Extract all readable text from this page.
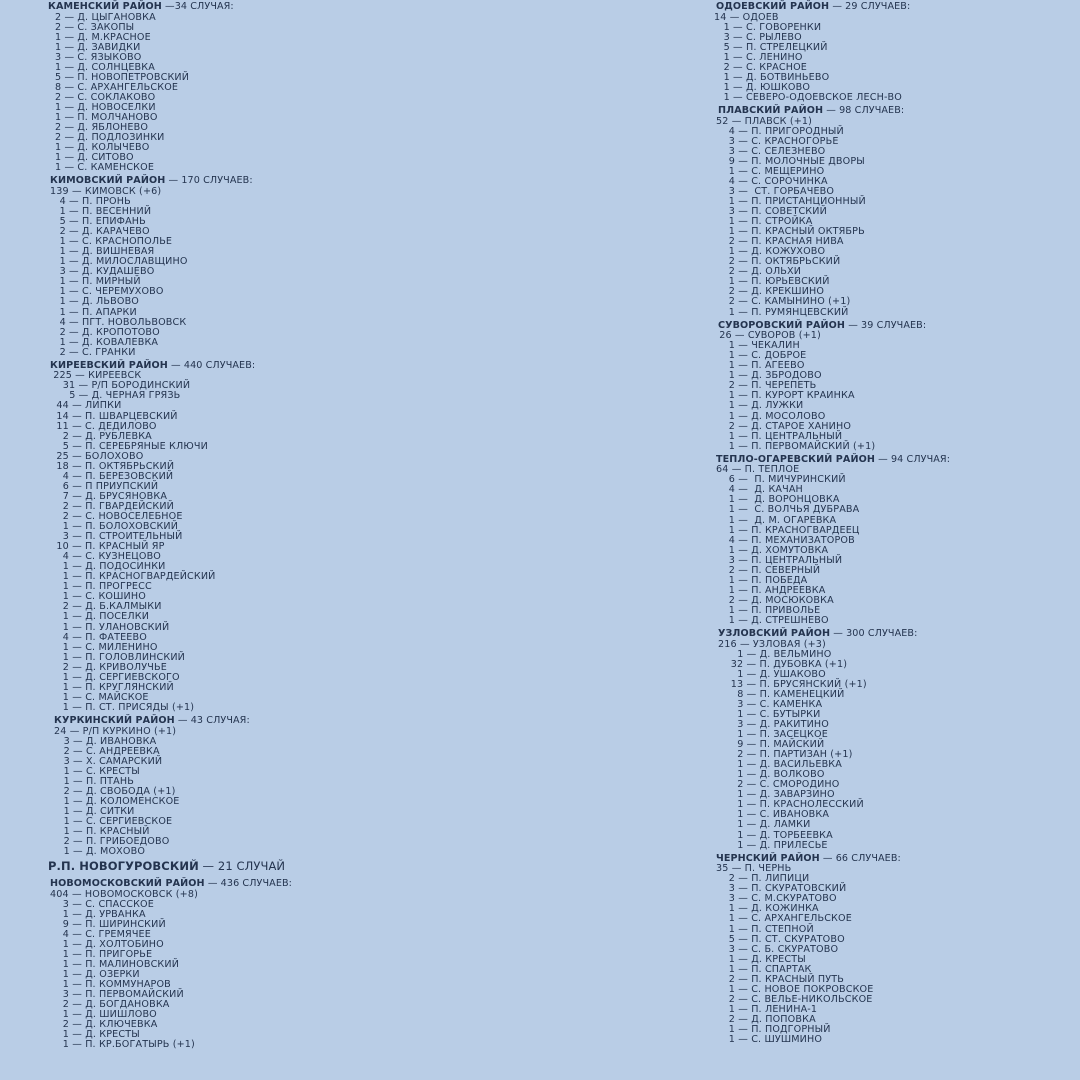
КАМЕНСКИЙ РАЙОН —34 СЛУЧАЯ:
2 — Д. ЦЫГАНОВКА
2 — С. ЗАКОПЫ
1 — Д. М.КРАСНОЕ
1 — Д. ЗАВИДКИ
3 — С. ЯЗЫКОВО
1 — Д. СОЛНЦЕВКА
5 — П. НОВОПЕТРОВСКИЙ
8 — С. АРХАНГЕЛЬСКОЕ
2 — С. СОКЛАКОВО
1 — Д. НОВОСЕЛКИ
1 — П. МОЛЧАНОВО
2 — Д. ЯБЛОНЕВО
2 — Д. ПОДЛОЗИНКИ
1 — Д. КОЛЫЧЕВО
1 — Д. СИТОВО
1 — С. КАМЕНСКОЕ
КИМОВСКИЙ РАЙОН — 170 СЛУЧАЕВ:
139 — КИМОВСК (+6)
4 — П. ПРОНЬ
1 — П. ВЕСЕННИЙ
5 — П. ЕПИФАНЬ
2 — Д. КАРАЧЕВО
1 — С. КРАСНОПОЛЬЕ
1 — Д. ВИШНЕВАЯ
1 — Д. МИЛОСЛАВЩИНО
3 — Д. КУДАШЕВО
1 — П. МИРНЫЙ
1 — С. ЧЕРЕМУХОВО
1 — Д. ЛЬВОВО
1 — П. АПАРКИ
4 — ПГТ. НОВОЛЬВОВСК
2 — Д. КРОПОТОВО
1 — Д. КОВАЛЕВКА
2 — С. ГРАНКИ
КИРЕЕВСКИЙ РАЙОН — 440 СЛУЧАЕВ:
225 — КИРЕЕВСК
31 — Р/П БОРОДИНСКИЙ
5 — Д. ЧЕРНАЯ ГРЯЗЬ
44 — ЛИПКИ
14 — П. ШВАРЦЕВСКИЙ
11 — С. ДЕДИЛОВО
2 — Д. РУБЛЕВКА
5 — П. СЕРЕБРЯНЫЕ КЛЮЧИ
25 — БОЛОХОВО
18 — П. ОКТЯБРЬСКИЙ
4 — П. БЕРЕЗОВСКИЙ
6 — П ПРИУПСКИЙ
7 — Д. БРУСЯНОВКА
2 — П. ГВАРДЕЙСКИЙ
2 — С. НОВОСЕЛЕБНОЕ
1 — П. БОЛОХОВСКИЙ
3 — П. СТРОИТЕЛЬНЫЙ
10 — П. КРАСНЫЙ ЯР
4 — С. КУЗНЕЦОВО
1 — Д. ПОДОСИНКИ
1 — П. КРАСНОГВАРДЕЙСКИЙ
1 — П. ПРОГРЕСС
1 — С. КОШИНО
2 — Д. Б.КАЛМЫКИ
1 — Д. ПОСЕЛКИ
1 — П. УЛАНОВСКИЙ
4 — П. ФАТЕЕВО
1 — С. МИЛЕНИНО
1 — П. ГОЛОВЛИНСКИЙ
2 — Д. КРИВОЛУЧЬЕ
1 — Д. СЕРГИЕВСКОГО
1 — П. КРУГЛЯНСКИЙ
1 — С. МАЙСКОЕ
1 — П. СТ. ПРИСЯДЫ (+1)
КУРКИНСКИЙ РАЙОН — 43 СЛУЧАЯ:
24 — Р/П КУРКИНО (+1)
3 — Д. ИВАНОВКА
2 — С. АНДРЕЕВКА
3 — Х. САМАРСКИЙ
1 — С. КРЕСТЫ
1 — П. ПТАНЬ
2 — Д. СВОБОДА (+1)
1 — Д. КОЛОМЕНСКОЕ
1 — Д. СИТКИ
1 — С. СЕРГИЕВСКОЕ
1 — П. КРАСНЫЙ
2 — П. ГРИБОЕДОВО
1 — Д. МОХОВО
Р.П. НОВОГУРОВСКИЙ — 21 СЛУЧАЙ
НОВОМОСКОВСКИЙ РАЙОН — 436 СЛУЧАЕВ:
404 — НОВОМОСКОВСК (+8)
3 — С. СПАССКОЕ
1 — Д. УРВАНКА
9 — П. ШИРИНСКИЙ
4 — С. ГРЕМЯЧЕЕ
1 — Д. ХОЛТОБИНО
1 — П. ПРИГОРЬЕ
1 — П. МАЛИНОВСКИЙ
1 — Д. ОЗЕРКИ
1 — П. КОММУНАРОВ
3 — П. ПЕРВОМАЙСКИЙ
2 — Д. БОГДАНОВКА
1 — Д. ШИШЛОВО
2 — Д. КЛЮЧЕВКА
1 — Д. КРЕСТЫ
1 — П. КР.БОГАТЫРЬ (+1)
ОДОЕВСКИЙ РАЙОН — 29 СЛУЧАЕВ:
14 — ОДОЕВ
1 — С. ГОВОРЕНКИ
3 — С. РЫЛЕВО
5 — П. СТРЕЛЕЦКИЙ
1 — С. ЛЕНИНО
2 — С. КРАСНОЕ
1 — Д. БОТВИНЬЕВО
1 — Д. ЮШКОВО
1 — СЕВЕРО-ОДОЕВСКОЕ ЛЕСН-ВО
ПЛАВСКИЙ РАЙОН — 98 СЛУЧАЕВ:
52 — ПЛАВСК (+1)
4 — П. ПРИГОРОДНЫЙ
3 — С. КРАСНОГОРЬЕ
3 — С. СЕЛЕЗНЕВО
9 — П. МОЛОЧНЫЕ ДВОРЫ
1 — С. МЕЩЕРИНО
4 — С. СОРОЧИНКА
3 —  СТ. ГОРБАЧЕВО
1 — П. ПРИСТАНЦИОННЫЙ
3 — П. СОВЕТСКИЙ
1 — П. СТРОЙКА
1 — П. КРАСНЫЙ ОКТЯБРЬ
2 — П. КРАСНАЯ НИВА
1 — Д. КОЖУХОВО
2 — П. ОКТЯБРЬСКИЙ
2 — Д. ОЛЬХИ
1 — П. ЮРЬЕВСКИЙ
2 — Д. КРЕКШИНО
2 — С. КАМЫНИНО (+1)
1 — П. РУМЯНЦЕВСКИЙ
СУВОРОВСКИЙ РАЙОН — 39 СЛУЧАЕВ:
26 — СУВОРОВ (+1)
1 — ЧЕКАЛИН
1 — С. ДОБРОЕ
1 — П. АГЕЕВО
1 — Д. ЗБРОДОВО
2 — П. ЧЕРЕПЕТЬ
1 — П. КУРОРТ КРАИНКА
1 — Д. ЛУЖКИ
1 — Д. МОСОЛОВО
2 — Д. СТАРОЕ ХАНИНО
1 — П. ЦЕНТРАЛЬНЫЙ
1 — П. ПЕРВОМАЙСКИЙ (+1)
ТЕПЛО-ОГАРЕВСКИЙ РАЙОН — 94 СЛУЧАЯ:
64 — П. ТЕПЛОЕ
6 —  П. МИЧУРИНСКИЙ
4 —  Д. КАЧАН
1 —  Д. ВОРОНЦОВКА
1 —  С. ВОЛЧЬЯ ДУБРАВА
1 —  Д. М. ОГАРЕВКА
1 — П. КРАСНОГВАРДЕЕЦ
4 — П. МЕХАНИЗАТОРОВ
1 — Д. ХОМУТОВКА
3 — П. ЦЕНТРАЛЬНЫЙ
2 — П. СЕВЕРНЫЙ
1 — П. ПОБЕДА
1 — П. АНДРЕЕВКА
2 — Д. МОСЮКОВКА
1 — П. ПРИВОЛЬЕ
1 — Д. СТРЕШНЕВО
УЗЛОВСКИЙ РАЙОН — 300 СЛУЧАЕВ:
216 — УЗЛОВАЯ (+3)
1 — Д. ВЕЛЬМИНО
32 — П. ДУБОВКА (+1)
1 — Д. УШАКОВО
13 — П. БРУСЯНСКИЙ (+1)
8 — П. КАМЕНЕЦКИЙ
3 — С. КАМЕНКА
1 — С. БУТЫРКИ
3 — Д. РАКИТИНО
1 — П. ЗАСЕЦКОЕ
9 — П. МАЙСКИЙ
2 — П. ПАРТИЗАН (+1)
1 — Д. ВАСИЛЬЕВКА
1 — Д. ВОЛКОВО
2 — С. СМОРОДИНО
1 — Д. ЗАВАРЗИНО
1 — П. КРАСНОЛЕССКИЙ
1 — С. ИВАНОВКА
1 — Д. ЛАМКИ
1 — Д. ТОРБЕЕВКА
1 — Д. ПРИЛЕСЬЕ
ЧЕРНСКИЙ РАЙОН — 66 СЛУЧАЕВ:
35 — П. ЧЕРНЬ
2 — П. ЛИПИЦИ
3 — П. СКУРАТОВСКИЙ
3 — С. М.СКУРАТОВО
1 — Д. КОЖИНКА
1 — С. АРХАНГЕЛЬСКОЕ
1 — П. СТЕПНОЙ
5 — П. СТ. СКУРАТОВО
3 — С. Б. СКУРАТОВО
1 — Д. КРЕСТЫ
1 — П. СПАРТАК
2 — П. КРАСНЫЙ ПУТЬ
1 — С. НОВОЕ ПОКРОВСКОЕ
2 — С. ВЕЛЬЕ-НИКОЛЬСКОЕ
1 — П. ЛЕНИНА-1
2 — Д. ПОПОВКА
1 — П. ПОДГОРНЫЙ
1 — С. ШУШМИНО
